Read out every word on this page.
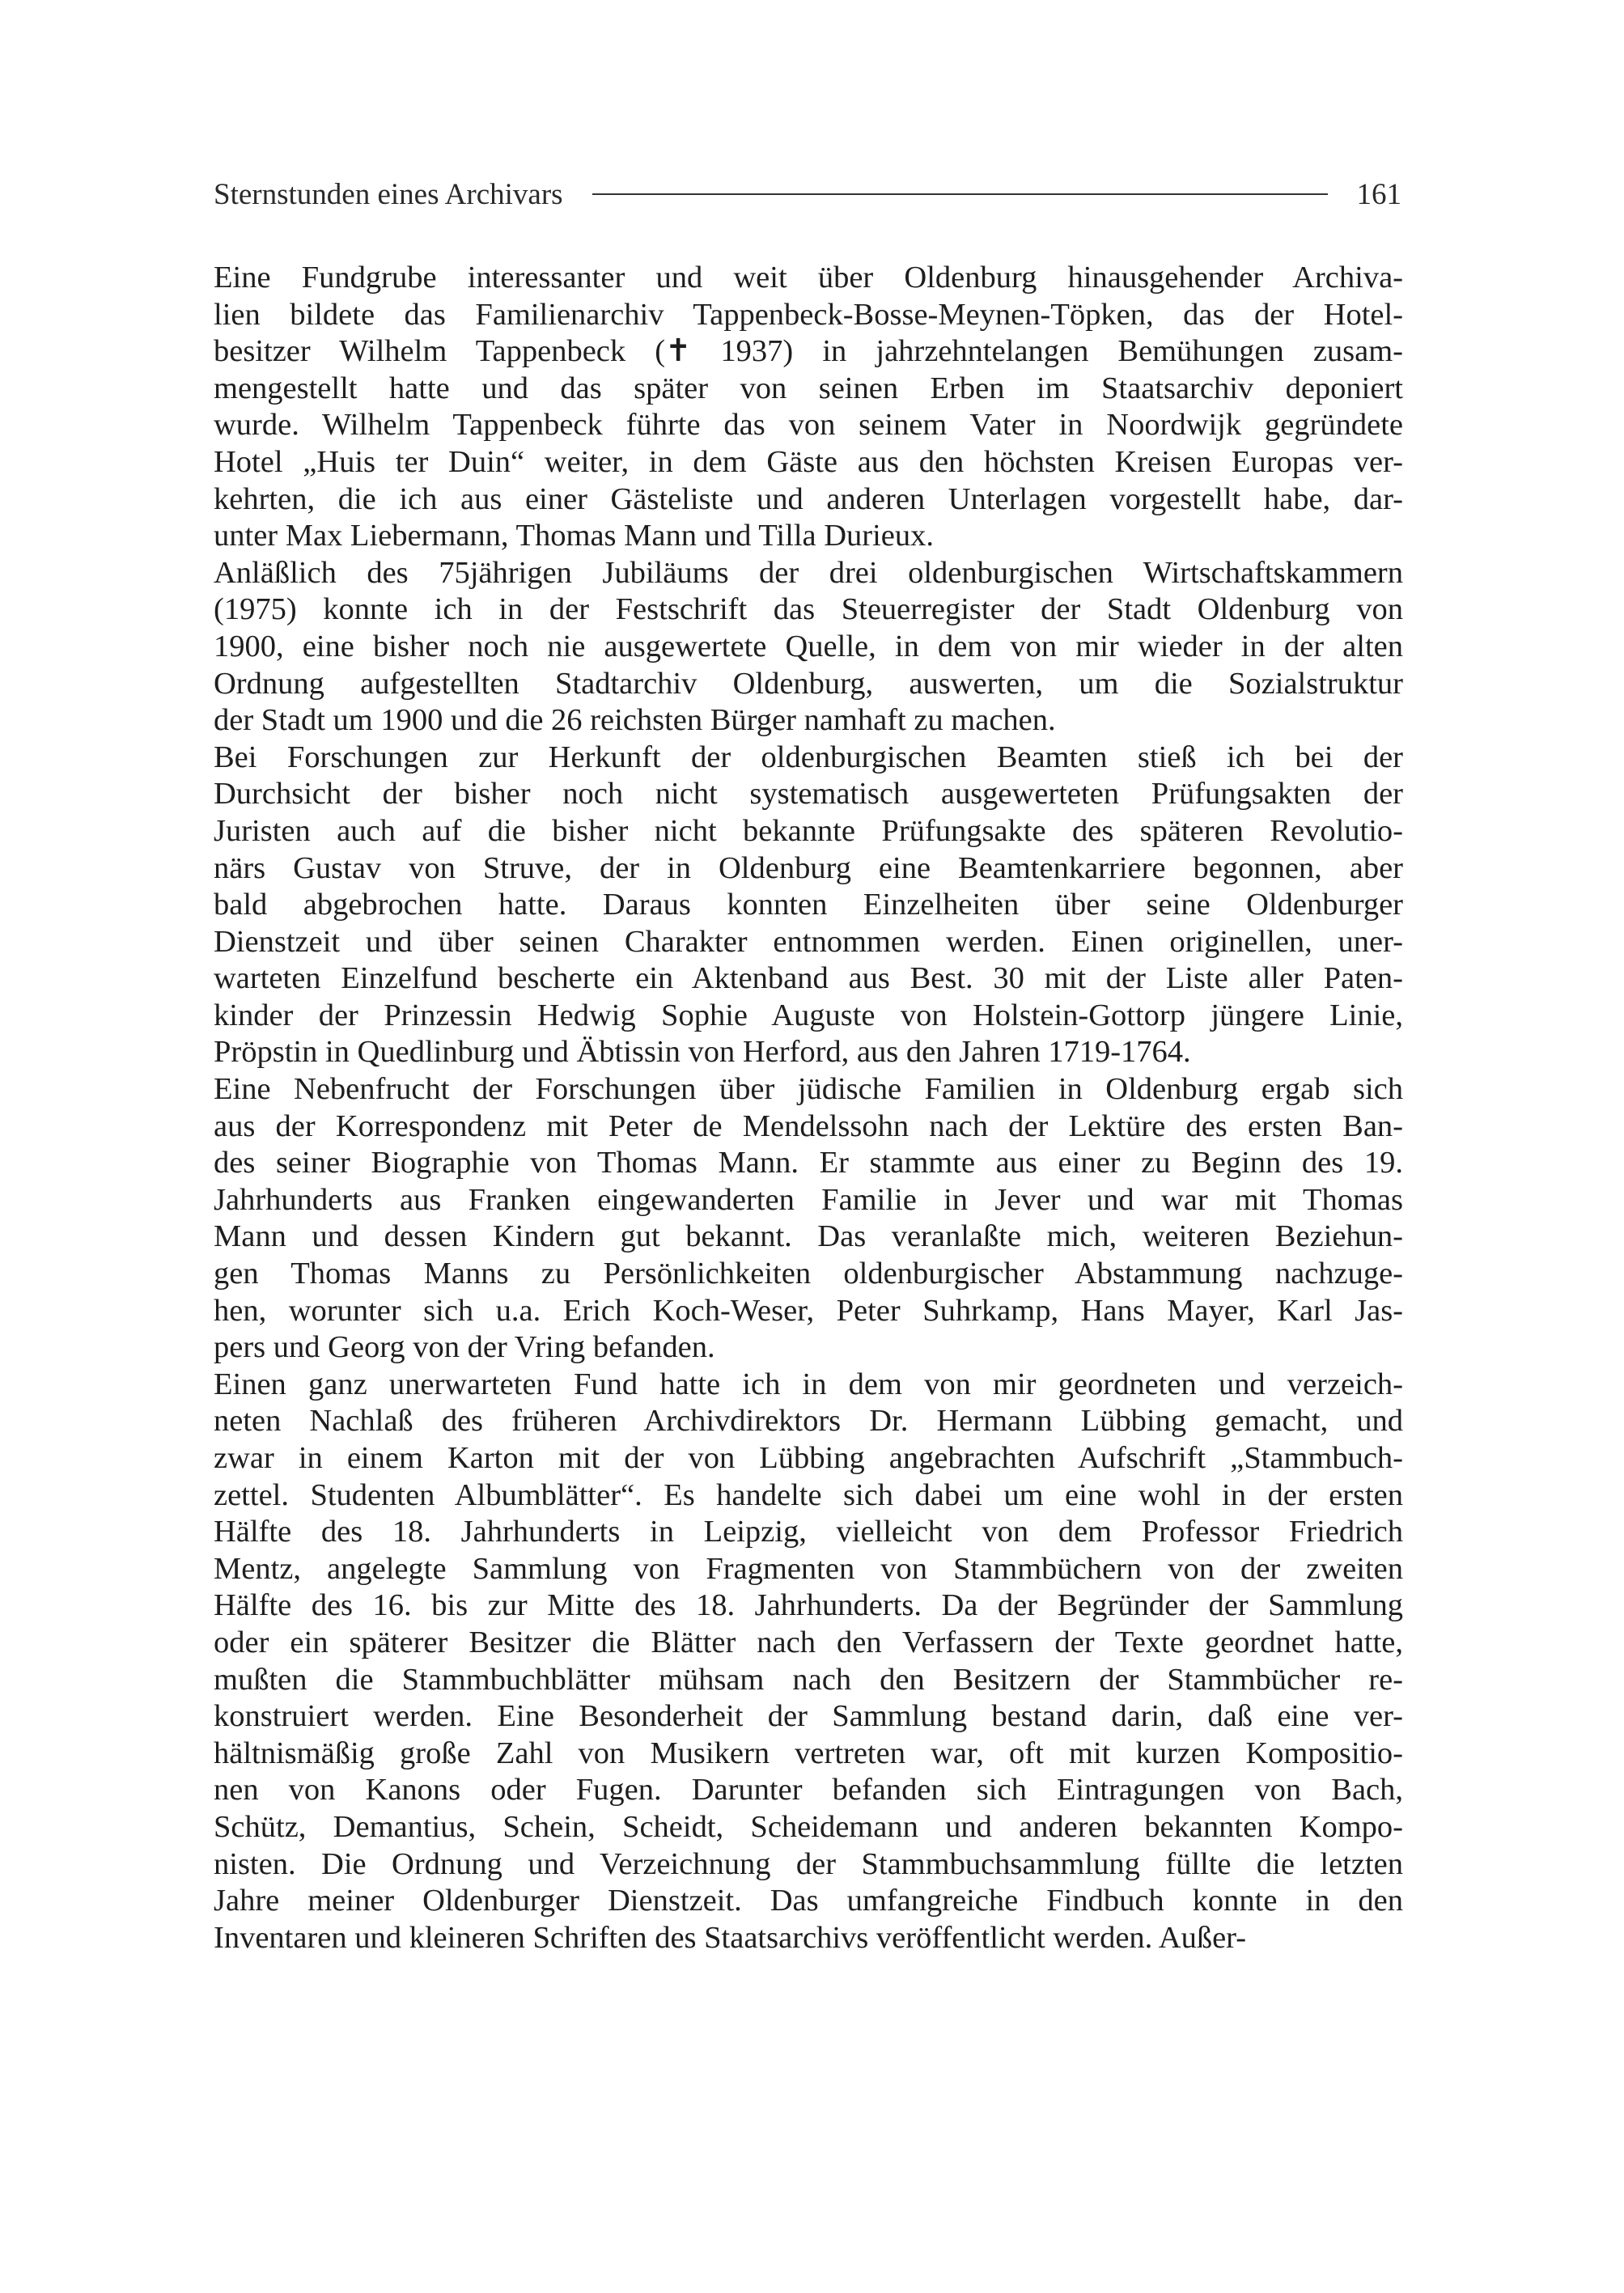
Sternstunden eines Archivars	161

Eine Fundgrube interessanter und weit über Oldenburg hinausgehender Archiva-
lien bildete das Familienarchiv Tappenbeck-Bosse-Meynen-Töpken, das der Hotel-
besitzer Wilhelm Tappenbeck (✝ 1937) in jahrzehntelangen Bemühungen zusam-
mengestellt hatte und das später von seinen Erben im Staatsarchiv deponiert
wurde. Wilhelm Tappenbeck führte das von seinem Vater in Noordwijk gegründete
Hotel „Huis ter Duin“ weiter, in dem Gäste aus den höchsten Kreisen Europas ver-
kehrten, die ich aus einer Gästeliste und anderen Unterlagen vorgestellt habe, dar-
unter Max Liebermann, Thomas Mann und Tilla Durieux.

Anläßlich des 75jährigen Jubiläums der drei oldenburgischen Wirtschaftskammern
(1975) konnte ich in der Festschrift das Steuerregister der Stadt Oldenburg von
1900, eine bisher noch nie ausgewertete Quelle, in dem von mir wieder in der alten
Ordnung aufgestellten Stadtarchiv Oldenburg, auswerten, um die Sozialstruktur
der Stadt um 1900 und die 26 reichsten Bürger namhaft zu machen.

Bei Forschungen zur Herkunft der oldenburgischen Beamten stieß ich bei der
Durchsicht der bisher noch nicht systematisch ausgewerteten Prüfungsakten der
Juristen auch auf die bisher nicht bekannte Prüfungsakte des späteren Revolutio-
närs Gustav von Struve, der in Oldenburg eine Beamtenkarriere begonnen, aber
bald abgebrochen hatte. Daraus konnten Einzelheiten über seine Oldenburger
Dienstzeit und über seinen Charakter entnommen werden. Einen originellen, uner-
warteten Einzelfund bescherte ein Aktenband aus Best. 30 mit der Liste aller Paten-
kinder der Prinzessin Hedwig Sophie Auguste von Holstein-Gottorp jüngere Linie,
Pröpstin in Quedlinburg und Äbtissin von Herford, aus den Jahren 1719-1764.

Eine Nebenfrucht der Forschungen über jüdische Familien in Oldenburg ergab sich
aus der Korrespondenz mit Peter de Mendelssohn nach der Lektüre des ersten Ban-
des seiner Biographie von Thomas Mann. Er stammte aus einer zu Beginn des 19.
Jahrhunderts aus Franken eingewanderten Familie in Jever und war mit Thomas
Mann und dessen Kindern gut bekannt. Das veranlaßte mich, weiteren Beziehun-
gen Thomas Manns zu Persönlichkeiten oldenburgischer Abstammung nachzuge-
hen, worunter sich u.a. Erich Koch-Weser, Peter Suhrkamp, Hans Mayer, Karl Jas-
pers und Georg von der Vring befanden.

Einen ganz unerwarteten Fund hatte ich in dem von mir geordneten und verzeich-
neten Nachlaß des früheren Archivdirektors Dr. Hermann Lübbing gemacht, und
zwar in einem Karton mit der von Lübbing angebrachten Aufschrift „Stammbuch-
zettel. Studenten Albumblätter“. Es handelte sich dabei um eine wohl in der ersten
Hälfte des 18. Jahrhunderts in Leipzig, vielleicht von dem Professor Friedrich
Mentz, angelegte Sammlung von Fragmenten von Stammbüchern von der zweiten
Hälfte des 16. bis zur Mitte des 18. Jahrhunderts. Da der Begründer der Sammlung
oder ein späterer Besitzer die Blätter nach den Verfassern der Texte geordnet hatte,
mußten die Stammbuchblätter mühsam nach den Besitzern der Stammbücher re-
konstruiert werden. Eine Besonderheit der Sammlung bestand darin, daß eine ver-
hältnismäßig große Zahl von Musikern vertreten war, oft mit kurzen Kompositio-
nen von Kanons oder Fugen. Darunter befanden sich Eintragungen von Bach,
Schütz, Demantius, Schein, Scheidt, Scheidemann und anderen bekannten Kompo-
nisten. Die Ordnung und Verzeichnung der Stammbuchsammlung füllte die letzten
Jahre meiner Oldenburger Dienstzeit. Das umfangreiche Findbuch konnte in den
Inventaren und kleineren Schriften des Staatsarchivs veröffentlicht werden. Außer-
